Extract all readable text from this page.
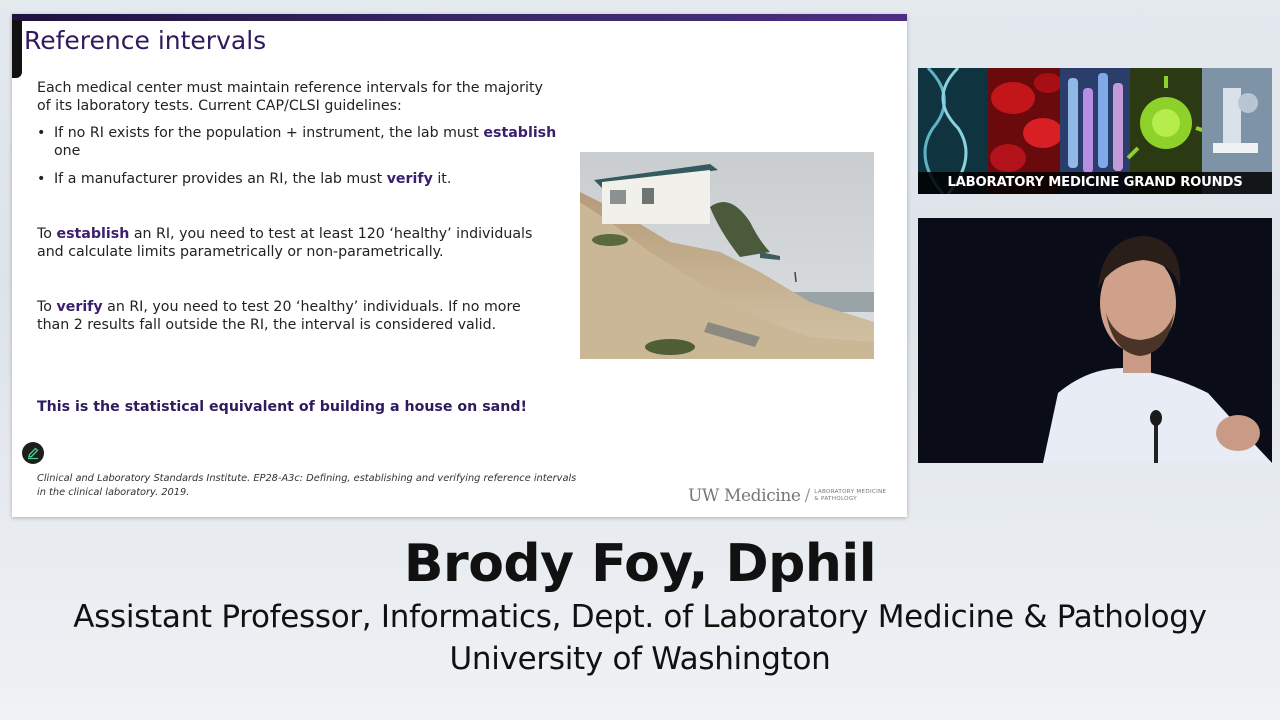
Reference intervals
Each medical center must maintain reference intervals for the majority of its laboratory tests. Current CAP/CLSI guidelines:
• If no RI exists for the population + instrument, the lab must establish one
• If a manufacturer provides an RI, the lab must verify it.
To establish an RI, you need to test at least 120 ‘healthy’ individuals and calculate limits parametrically or non-parametrically.
To verify an RI, you need to test 20 ‘healthy’ individuals. If no more than 2 results fall outside the RI, the interval is considered valid.
This is the statistical equivalent of building a house on sand!
Clinical and Laboratory Standards Institute. EP28-A3c: Defining, establishing and verifying reference intervals in the clinical laboratory. 2019.	UW Medicine / LABORATORY MEDICINE
& PATHOLOGY
LABORATORY MEDICINE GRAND ROUNDS
Brody Foy, Dphil
Assistant Professor, Informatics, Dept. of Laboratory Medicine & Pathology
University of Washington
